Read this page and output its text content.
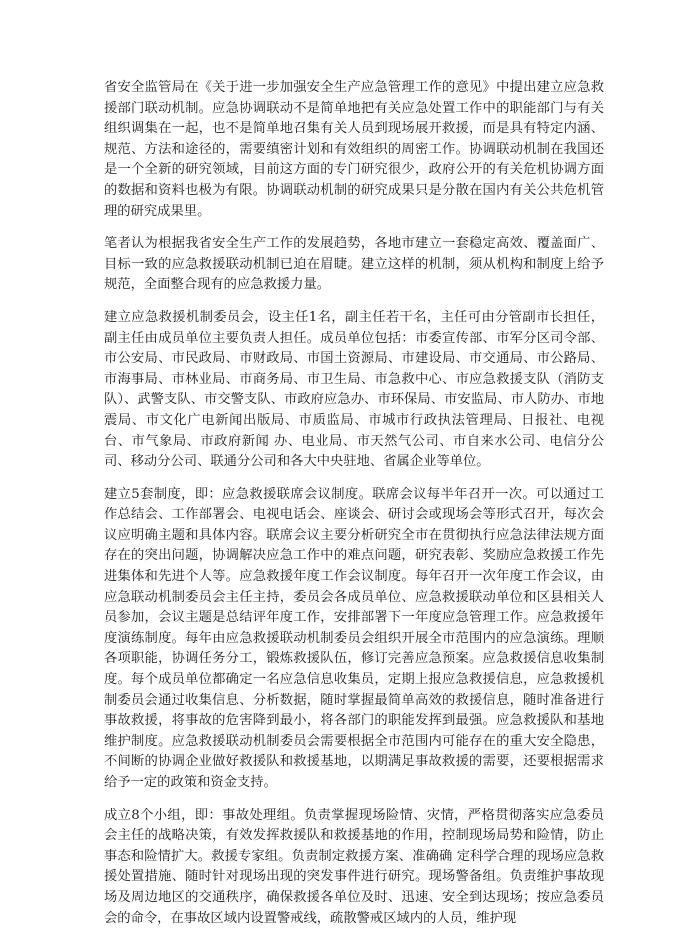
省安全监管局在《关于进一步加强安全生产应急管理工作的意见》中提出建立应急救援部门联动机制。应急协调联动不是简单地把有关应急处置工作中的职能部门与有关组织调集在一起，也不是简单地召集有关人员到现场展开救援，而是具有特定内涵、规范、方法和途径的，需要缜密计划和有效组织的周密工作。协调联动机制在我国还是一个全新的研究领域，目前这方面的专门研究很少，政府公开的有关危机协调方面的数据和资料也极为有限。协调联动机制的研究成果只是分散在国内有关公共危机管理的研究成果里。

笔者认为根据我省安全生产工作的发展趋势，各地市建立一套稳定高效、覆盖面广、目标一致的应急救援联动机制已迫在眉睫。建立这样的机制，须从机构和制度上给予规范，全面整合现有的应急救援力量。

建立应急救援机制委员会，设主任1名，副主任若干名，主任可由分管副市长担任，副主任由成员单位主要负责人担任。成员单位包括：市委宣传部、市军分区司令部、市公安局、市民政局、市财政局、市国土资源局、市建设局、市交通局、市公路局、市海事局、市林业局、市商务局、市卫生局、市急救中心、市应急救援支队（消防支队）、武警支队、市交警支队、市政府应急办、市环保局、市安监局、市人防办、市地震局、市文化广电新闻出版局、市质监局、市城市行政执法管理局、日报社、电视台、市气象局、市政府新闻 办、电业局、市天然气公司、市自来水公司、电信分公司、移动分公司、联通分公司和各大中央驻地、省属企业等单位。

建立5套制度，即：应急救援联席会议制度。联席会议每半年召开一次。可以通过工作总结会、工作部署会、电视电话会、座谈会、研讨会或现场会等形式召开，每次会议应明确主题和具体内容。联席会议主要分析研究全市在贯彻执行应急法律法规方面存在的突出问题，协调解决应急工作中的难点问题，研究表彰、奖励应急救援工作先进集体和先进个人等。应急救援年度工作会议制度。每年召开一次年度工作会议，由应急联动机制委员会主任主持，委员会各成员单位、应急救援联动单位和区县相关人员参加，会议主题是总结评年度工作，安排部署下一年度应急管理工作。应急救援年度演练制度。每年由应急救援联动机制委员会组织开展全市范围内的应急演练。理顺各项职能，协调任务分工，锻炼救援队伍，修订完善应急预案。应急救援信息收集制度。每个成员单位都确定一名应急信息收集员，定期上报应急救援信息，应急救援机制委员会通过收集信息、分析数据，随时掌握最简单高效的救援信息，随时准备进行事故救援，将事故的危害降到最小，将各部门的职能发挥到最强。应急救援队和基地维护制度。应急救援联动机制委员会需要根据全市范围内可能存在的重大安全隐患，不间断的协调企业做好救援队和救援基地，以期满足事故救援的需要，还要根据需求给予一定的政策和资金支持。

成立8个小组，即：事故处理组。负责掌握现场险情、灾情，严格贯彻落实应急委员会主任的战略决策，有效发挥救援队和救援基地的作用，控制现场局势和险情，防止事态和险情扩大。救援专家组。负责制定救援方案、准确确 定科学合理的现场应急救援处置措施、随时针对现场出现的突发事件进行研究。现场警备组。负责维护事故现场及周边地区的交通秩序，确保救援各单位及时、迅速、安全到达现场；按应急委员会的命令，在事故区域内设置警戒线，疏散警戒区域内的人员，维护现
